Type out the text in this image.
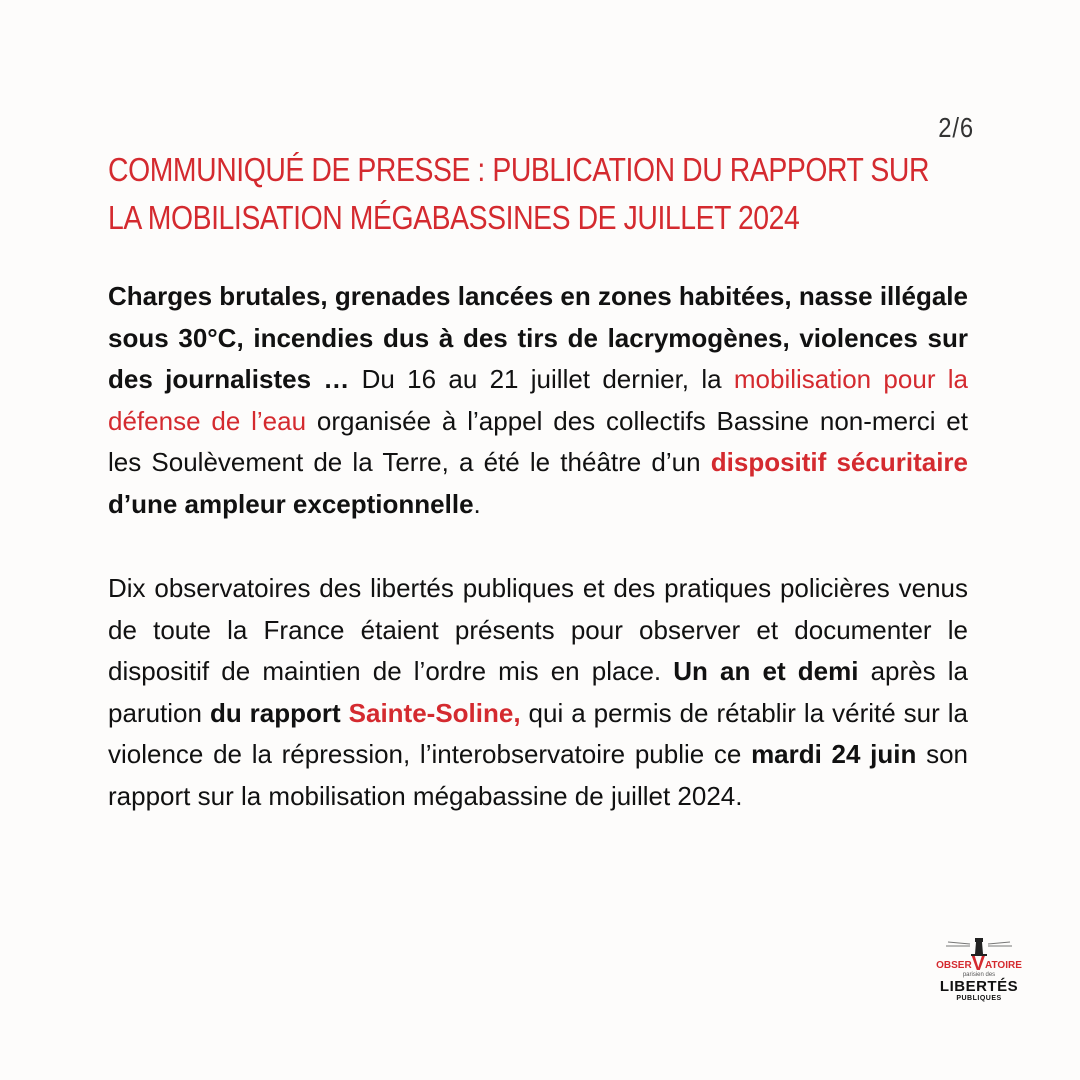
2/6
COMMUNIQUÉ DE PRESSE : PUBLICATION DU RAPPORT SUR LA MOBILISATION MÉGABASSINES DE JUILLET 2024
Charges brutales, grenades lancées en zones habitées, nasse illégale sous 30°C, incendies dus à des tirs de lacrymogènes, violences sur des journalistes … Du 16 au 21 juillet dernier, la mobilisation pour la défense de l’eau organisée à l’appel des collectifs Bassine non-merci et les Soulèvement de la Terre, a été le théâtre d’un dispositif sécuritaire d’une ampleur exceptionnelle.
Dix observatoires des libertés publiques et des pratiques policières venus de toute la France étaient présents pour observer et documenter le dispositif de maintien de l’ordre mis en place. Un an et demi après la parution du rapport Sainte-Soline, qui a permis de rétablir la vérité sur la violence de la répression, l’interobservatoire publie ce mardi 24 juin son rapport sur la mobilisation mégabassine de juillet 2024.
OBSERVATOIRE
parisien des
LIBERTÉS
PUBLIQUES
